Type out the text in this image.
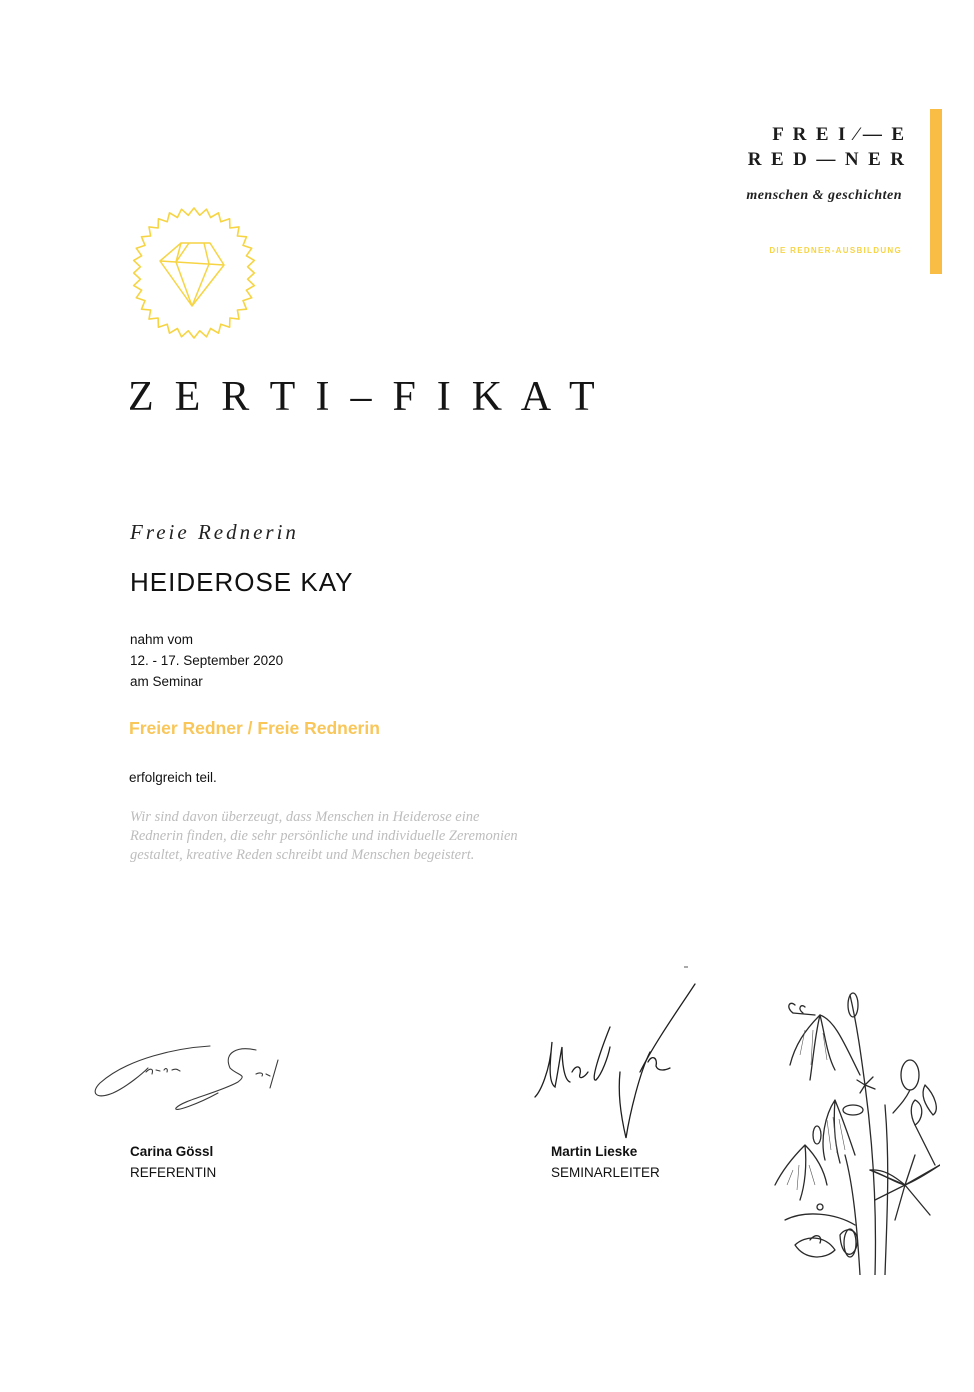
F  R  E  I  ⁄ —  E
R  E  D  —  N  E  R
menschen & geschichten
DIE REDNER-AUSBILDUNG
Z  E  R  T  I  –  F  I  K  A  T
Freie Rednerin
HEIDEROSE KAY
nahm vom
12. - 17. September 2020
am Seminar
Freier Redner / Freie Rednerin
erfolgreich teil.
Wir sind davon überzeugt, dass Menschen in Heiderose eine Rednerin finden, die sehr persönliche und individuelle Zeremonien gestaltet, kreative Reden schreibt und Menschen begeistert.
Carina Gössl
REFERENTIN
Martin Lieske
SEMINARLEITER
